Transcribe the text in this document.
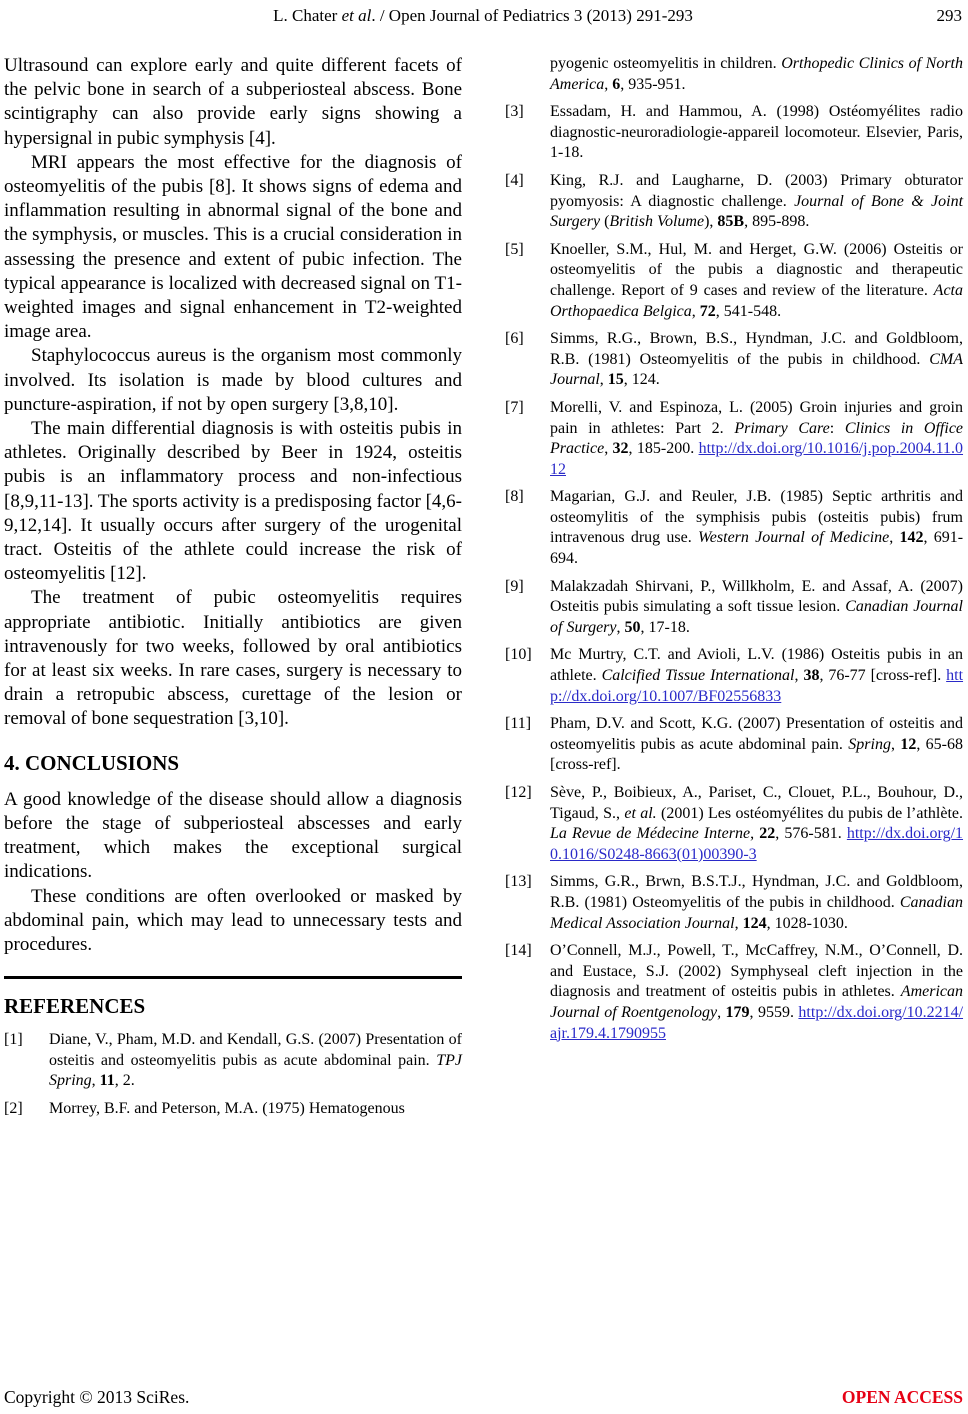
L. Chater et al. / Open Journal of Pediatrics 3 (2013) 291-293	293

Ultrasound can explore early and quite different facets of the pelvic bone in search of a subperiosteal abscess. Bone scintigraphy can also provide early signs showing a hypersignal in pubic symphysis [4].

MRI appears the most effective for the diagnosis of osteomyelitis of the pubis [8]. It shows signs of edema and inflammation resulting in abnormal signal of the bone and the symphysis, or muscles. This is a crucial consideration in assessing the presence and extent of pubic infection. The typical appearance is localized with decreased signal on T1-weighted images and signal enhancement in T2-weighted image area.

Staphylococcus aureus is the organism most commonly involved. Its isolation is made by blood cultures and puncture-aspiration, if not by open surgery [3,8,10].

The main differential diagnosis is with osteitis pubis in athletes. Originally described by Beer in 1924, osteitis pubis is an inflammatory process and non-infectious [8,9,11-13]. The sports activity is a predisposing factor [4,6-9,12,14]. It usually occurs after surgery of the urogenital tract. Osteitis of the athlete could increase the risk of osteomyelitis [12].

The treatment of pubic osteomyelitis requires appropriate antibiotic. Initially antibiotics are given intravenously for two weeks, followed by oral antibiotics for at least six weeks. In rare cases, surgery is necessary to drain a retropubic abscess, curettage of the lesion or removal of bone sequestration [3,10].

4. CONCLUSIONS

A good knowledge of the disease should allow a diagnosis before the stage of subperiosteal abscesses and early treatment, which makes the exceptional surgical indications.

These conditions are often overlooked or masked by abdominal pain, which may lead to unnecessary tests and procedures.

REFERENCES
[1] Diane, V., Pham, M.D. and Kendall, G.S. (2007) Presentation of osteitis and osteomyelitis pubis as acute abdominal pain. TPJ Spring, 11, 2.
[2] Morrey, B.F. and Peterson, M.A. (1975) Hematogenous
pyogenic osteomyelitis in children. Orthopedic Clinics of North America, 6, 935-951.
[3] Essadam, H. and Hammou, A. (1998) Ostéomyélites radio diagnostic-neuroradiologie-appareil locomoteur. Elsevier, Paris, 1-18.
[4] King, R.J. and Laugharne, D. (2003) Primary obturator pyomyosis: A diagnostic challenge. Journal of Bone & Joint Surgery (British Volume), 85B, 895-898.
[5] Knoeller, S.M., Hul, M. and Herget, G.W. (2006) Osteitis or osteomyelitis of the pubis a diagnostic and therapeutic challenge. Report of 9 cases and review of the literature. Acta Orthopaedica Belgica, 72, 541-548.
[6] Simms, R.G., Brown, B.S., Hyndman, J.C. and Goldbloom, R.B. (1981) Osteomyelitis of the pubis in childhood. CMA Journal, 15, 124.
[7] Morelli, V. and Espinoza, L. (2005) Groin injuries and groin pain in athletes: Part 2. Primary Care: Clinics in Office Practice, 32, 185-200. http://dx.doi.org/10.1016/j.pop.2004.11.012
[8] Magarian, G.J. and Reuler, J.B. (1985) Septic arthritis and osteomylitis of the symphisis pubis (osteitis pubis) frum intravenous drug use. Western Journal of Medicine, 142, 691-694.
[9] Malakzadah Shirvani, P., Willkholm, E. and Assaf, A. (2007) Osteitis pubis simulating a soft tissue lesion. Canadian Journal of Surgery, 50, 17-18.
[10] Mc Murtry, C.T. and Avioli, L.V. (1986) Osteitis pubis in an athlete. Calcified Tissue International, 38, 76-77 [cross-ref]. http://dx.doi.org/10.1007/BF02556833
[11] Pham, D.V. and Scott, K.G. (2007) Presentation of osteitis and osteomyelitis pubis as acute abdominal pain. Spring, 12, 65-68 [cross-ref].
[12] Sève, P., Boibieux, A., Pariset, C., Clouet, P.L., Bouhour, D., Tigaud, S., et al. (2001) Les ostéomyélites du pubis de l’athlète. La Revue de Médecine Interne, 22, 576-581. http://dx.doi.org/10.1016/S0248-8663(01)00390-3
[13] Simms, G.R., Brwn, B.S.T.J., Hyndman, J.C. and Goldbloom, R.B. (1981) Osteomyelitis of the pubis in childhood. Canadian Medical Association Journal, 124, 1028-1030.
[14] O’Connell, M.J., Powell, T., McCaffrey, N.M., O’Connell, D. and Eustace, S.J. (2002) Symphyseal cleft injection in the diagnosis and treatment of osteitis pubis in athletes. American Journal of Roentgenology, 179, 9559. http://dx.doi.org/10.2214/ajr.179.4.1790955
Copyright © 2013 SciRes.	OPEN ACCESS
